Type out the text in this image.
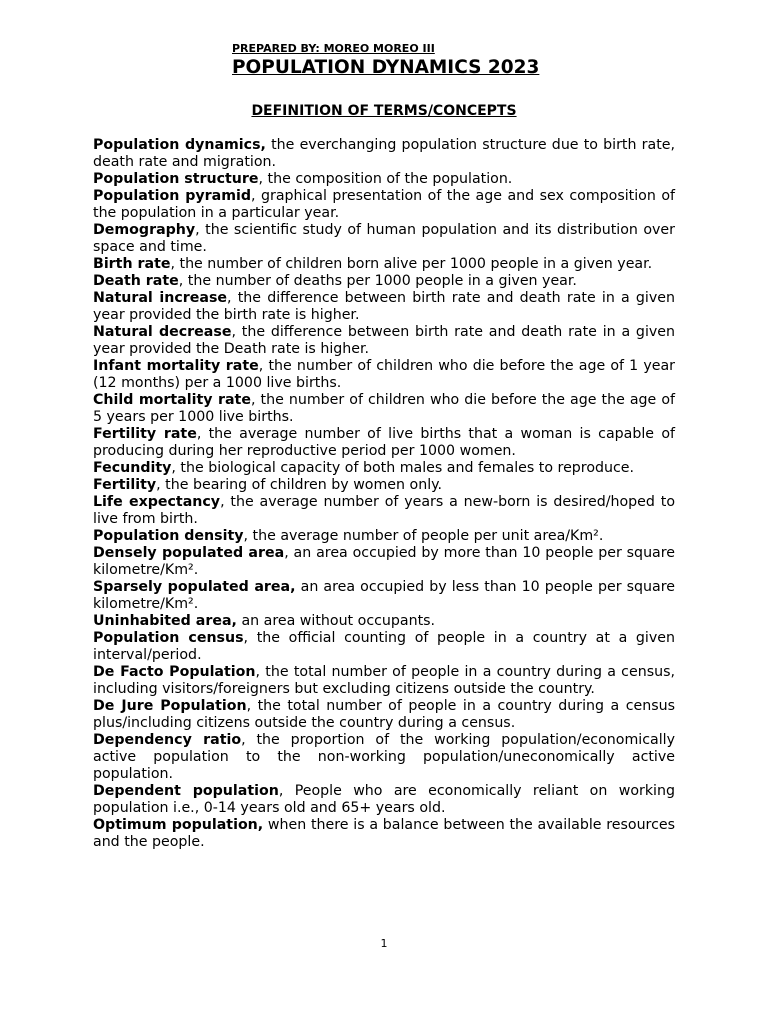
PREPARED BY: MOREO MOREO III

POPULATION DYNAMICS 2023

DEFINITION OF TERMS/CONCEPTS

Population dynamics, the everchanging population structure due to birth rate, death rate and migration.

Population structure, the composition of the population.

Population pyramid, graphical presentation of the age and sex composition of the population in a particular year.

Demography, the scientific study of human population and its distribution over space and time.

Birth rate, the number of children born alive per 1000 people in a given year.

Death rate, the number of deaths per 1000 people in a given year.

Natural increase, the difference between birth rate and death rate in a given year provided the birth rate is higher.

Natural decrease, the difference between birth rate and death rate in a given year provided the Death rate is higher.

Infant mortality rate, the number of children who die before the age of 1 year (12 months) per a 1000 live births.

Child mortality rate, the number of children who die before the age the age of 5 years per 1000 live births.

Fertility rate, the average number of live births that a woman is capable of producing during her reproductive period per 1000 women.

Fecundity, the biological capacity of both males and females to reproduce.

Fertility, the bearing of children by women only.

Life expectancy, the average number of years a new-born is desired/hoped to live from birth.

Population density, the average number of people per unit area/Km².

Densely populated area, an area occupied by more than 10 people per square kilometre/Km².

Sparsely populated area, an area occupied by less than 10 people per square kilometre/Km².

Uninhabited area, an area without occupants.

Population census, the official counting of people in a country at a given interval/period.

De Facto Population, the total number of people in a country during a census, including visitors/foreigners but excluding citizens outside the country.

De Jure Population, the total number of people in a country during a census plus/including citizens outside the country during a census.

Dependency ratio, the proportion of the working population/economically active population to the non-working population/uneconomically active population.

Dependent population, People who are economically reliant on working population i.e., 0-14 years old and 65+ years old.

Optimum population, when there is a balance between the available resources and the people.

1
